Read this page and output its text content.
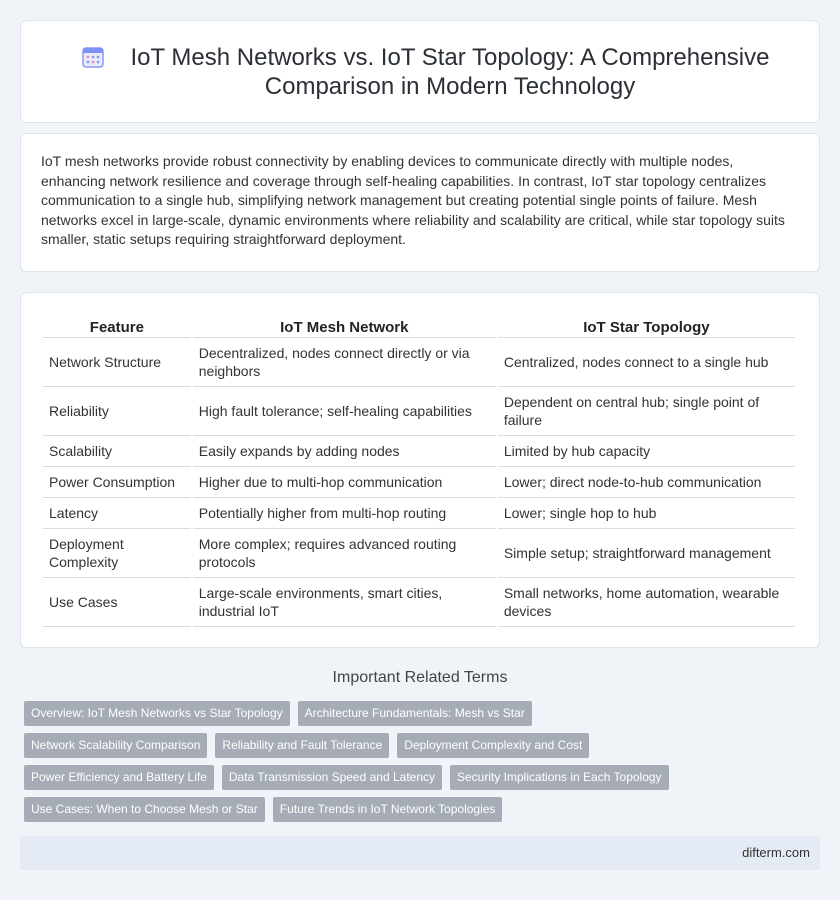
IoT Mesh Networks vs. IoT Star Topology: A Comprehensive Comparison in Modern Technology

IoT mesh networks provide robust connectivity by enabling devices to communicate directly with multiple nodes, enhancing network resilience and coverage through self-healing capabilities. In contrast, IoT star topology centralizes communication to a single hub, simplifying network management but creating potential single points of failure. Mesh networks excel in large-scale, dynamic environments where reliability and scalability are critical, while star topology suits smaller, static setups requiring straightforward deployment.

Feature	IoT Mesh Network	IoT Star Topology
Network Structure	Decentralized, nodes connect directly or via neighbors	Centralized, nodes connect to a single hub
Reliability	High fault tolerance; self-healing capabilities	Dependent on central hub; single point of failure
Scalability	Easily expands by adding nodes	Limited by hub capacity
Power Consumption	Higher due to multi-hop communication	Lower; direct node-to-hub communication
Latency	Potentially higher from multi-hop routing	Lower; single hop to hub
Deployment Complexity	More complex; requires advanced routing protocols	Simple setup; straightforward management
Use Cases	Large-scale environments, smart cities, industrial IoT	Small networks, home automation, wearable devices
Important Related Terms
Overview: IoT Mesh Networks vs Star Topology	Architecture Fundamentals: Mesh vs Star
Network Scalability Comparison	Reliability and Fault Tolerance	Deployment Complexity and Cost
Power Efficiency and Battery Life	Data Transmission Speed and Latency	Security Implications in Each Topology
Use Cases: When to Choose Mesh or Star	Future Trends in IoT Network Topologies
difterm.com
